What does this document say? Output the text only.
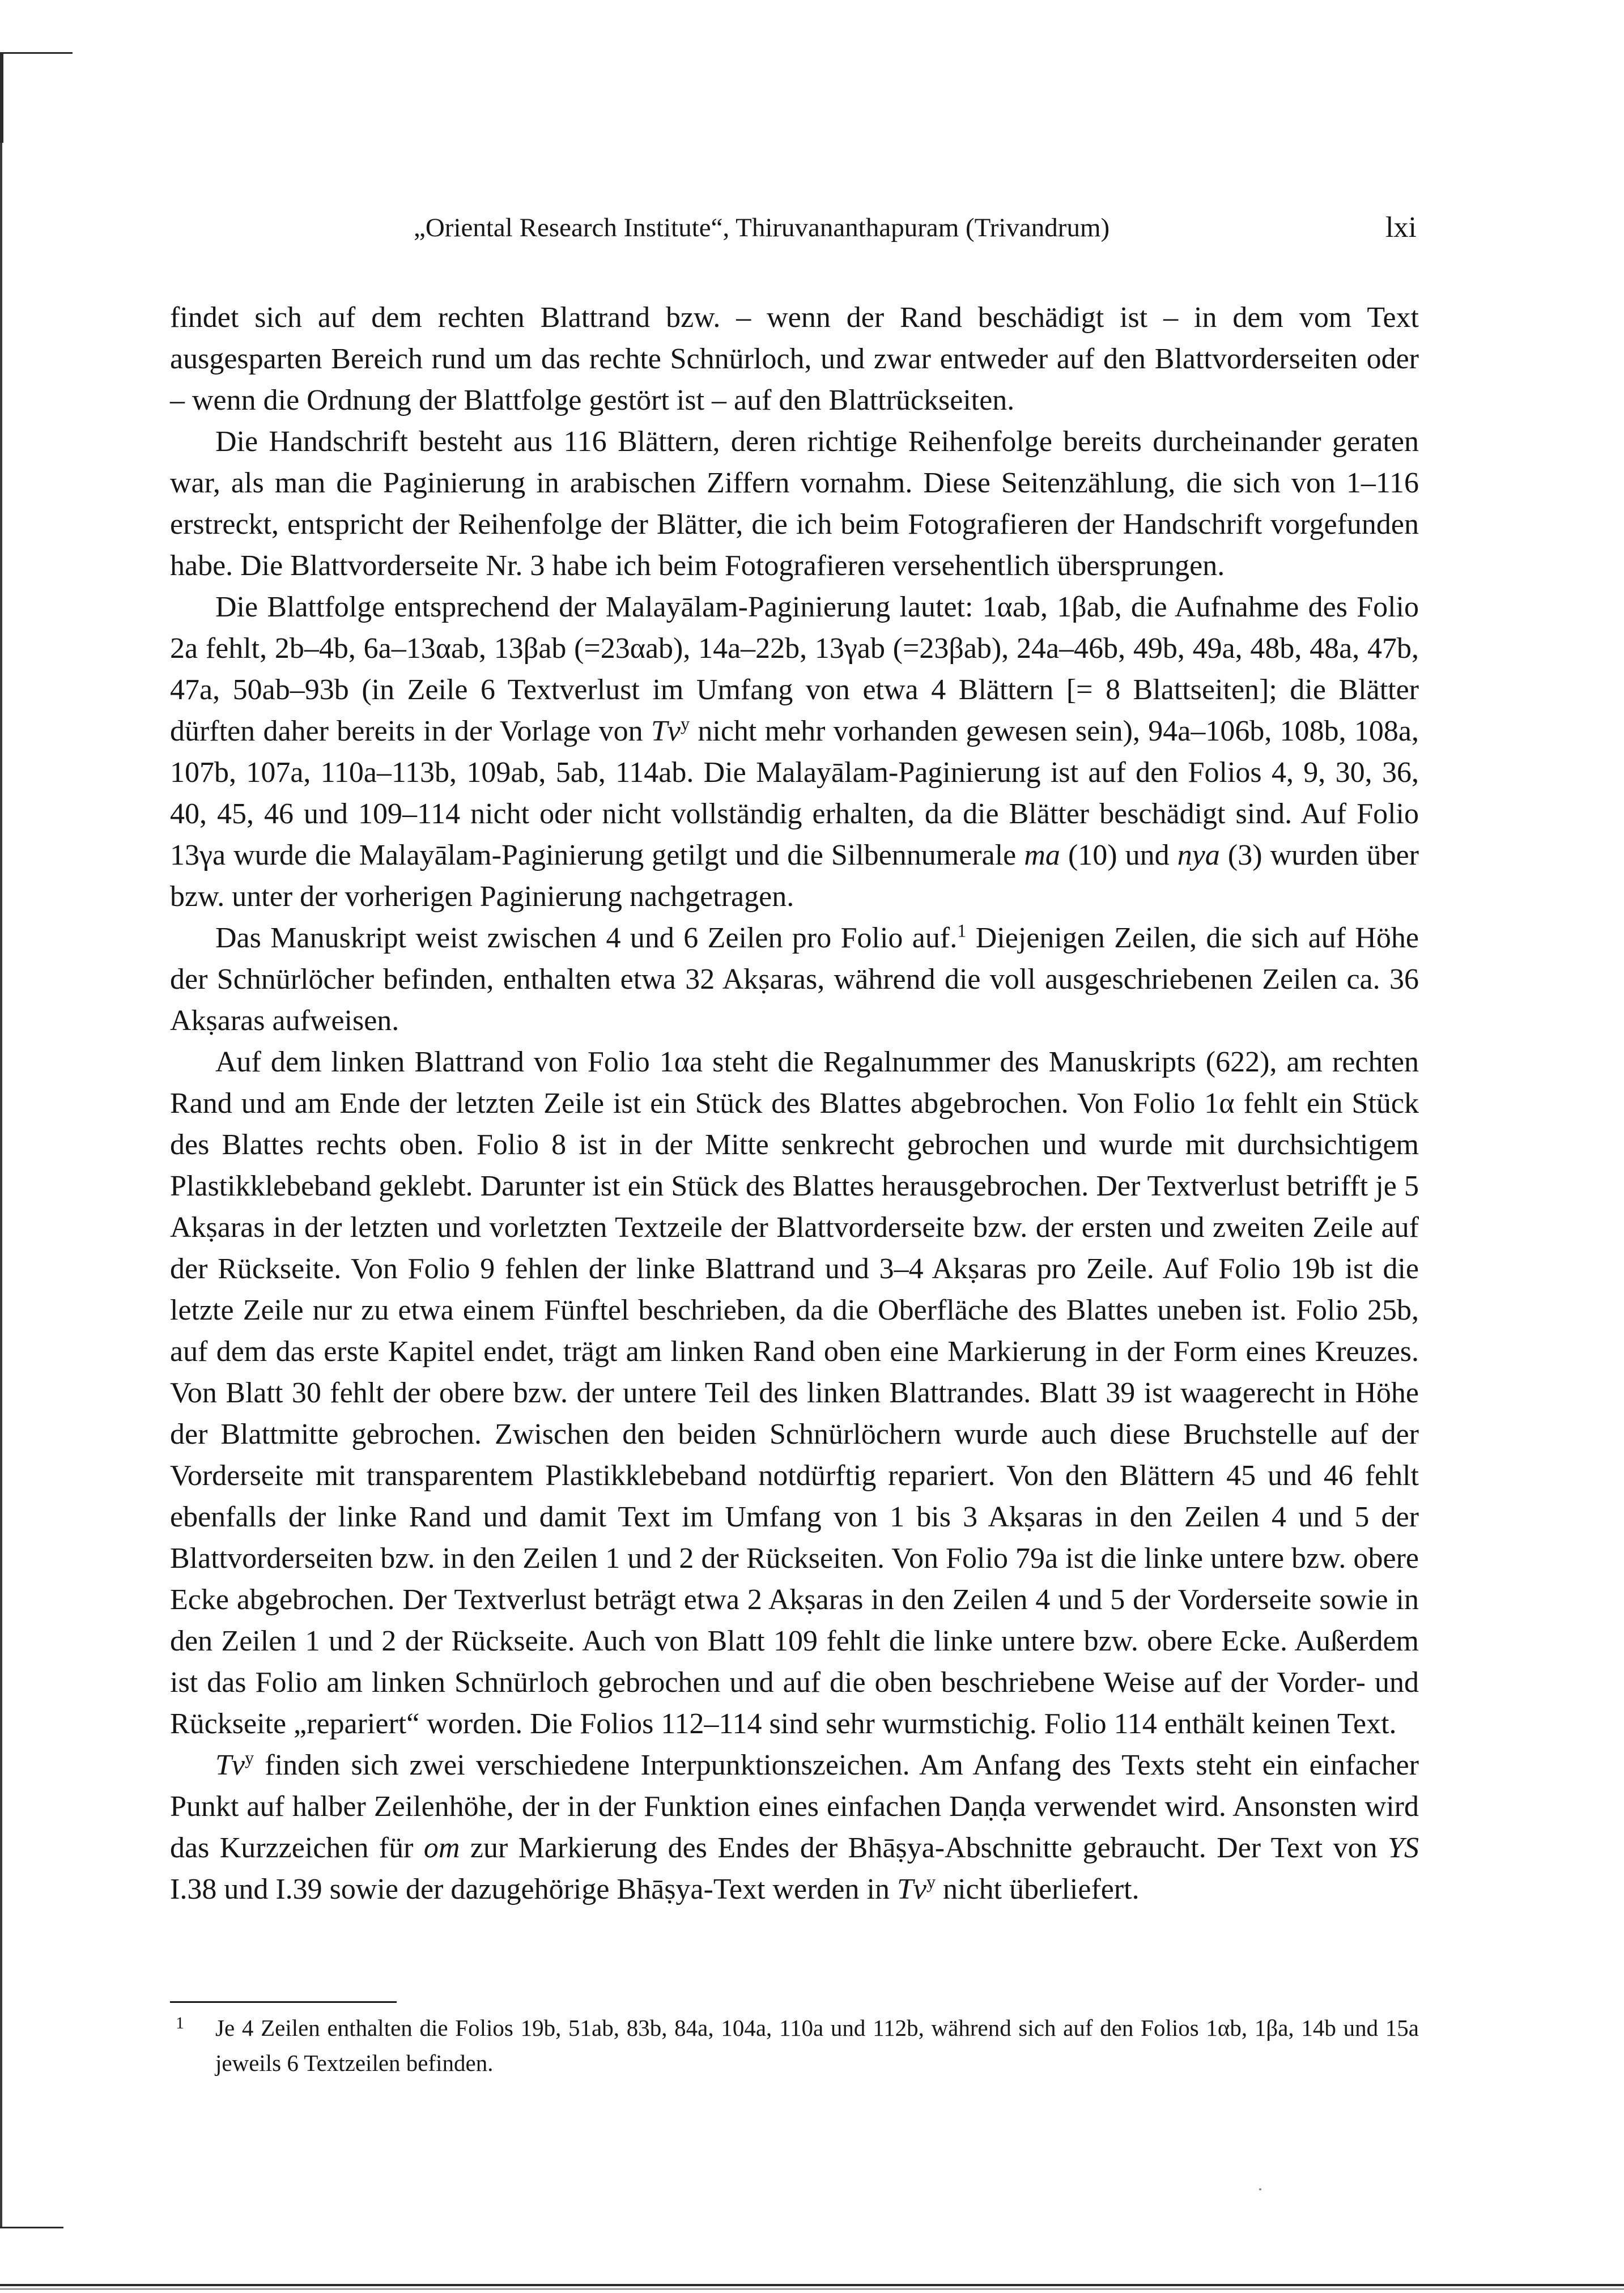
„Oriental Research Institute“, Thiruvananthapuram (Trivandrum)	lxi

findet sich auf dem rechten Blattrand bzw. – wenn der Rand beschädigt ist – in dem vom Text ausgesparten Bereich rund um das rechte Schnürloch, und zwar entweder auf den Blattvorderseiten oder – wenn die Ordnung der Blattfolge gestört ist – auf den Blattrückseiten.

Die Handschrift besteht aus 116 Blättern, deren richtige Reihenfolge bereits durcheinander geraten war, als man die Paginierung in arabischen Ziffern vornahm. Diese Seitenzählung, die sich von 1–116 erstreckt, entspricht der Reihenfolge der Blätter, die ich beim Fotografieren der Handschrift vorgefunden habe. Die Blattvorderseite Nr. 3 habe ich beim Fotografieren versehentlich übersprungen.

Die Blattfolge entsprechend der Malayālam-Paginierung lautet: 1αab, 1βab, die Aufnahme des Folio 2a fehlt, 2b–4b, 6a–13αab, 13βab (=23αab), 14a–22b, 13γab (=23βab), 24a–46b, 49b, 49a, 48b, 48a, 47b, 47a, 50ab–93b (in Zeile 6 Textverlust im Umfang von etwa 4 Blättern [= 8 Blattseiten]; die Blätter dürften daher bereits in der Vorlage von Tv$^y$ nicht mehr vorhanden gewesen sein), 94a–106b, 108b, 108a, 107b, 107a, 110a–113b, 109ab, 5ab, 114ab. Die Malayālam-Paginierung ist auf den Folios 4, 9, 30, 36, 40, 45, 46 und 109–114 nicht oder nicht vollständig erhalten, da die Blätter beschädigt sind. Auf Folio 13γa wurde die Malayālam-Paginierung getilgt und die Silbennumerale ma (10) und nya (3) wurden über bzw. unter der vorherigen Paginierung nachgetragen.

Das Manuskript weist zwischen 4 und 6 Zeilen pro Folio auf.$^1$ Diejenigen Zeilen, die sich auf Höhe der Schnürlöcher befinden, enthalten etwa 32 Akṣaras, während die voll ausgeschriebenen Zeilen ca. 36 Akṣaras aufweisen.

Auf dem linken Blattrand von Folio 1αa steht die Regalnummer des Manuskripts (622), am rechten Rand und am Ende der letzten Zeile ist ein Stück des Blattes abgebrochen. Von Folio 1α fehlt ein Stück des Blattes rechts oben. Folio 8 ist in der Mitte senkrecht gebrochen und wurde mit durchsichtigem Plastikklebeband geklebt. Darunter ist ein Stück des Blattes herausgebrochen. Der Textverlust betrifft je 5 Akṣaras in der letzten und vorletzten Textzeile der Blattvorderseite bzw. der ersten und zweiten Zeile auf der Rückseite. Von Folio 9 fehlen der linke Blattrand und 3–4 Akṣaras pro Zeile. Auf Folio 19b ist die letzte Zeile nur zu etwa einem Fünftel beschrieben, da die Oberfläche des Blattes uneben ist. Folio 25b, auf dem das erste Kapitel endet, trägt am linken Rand oben eine Markierung in der Form eines Kreuzes. Von Blatt 30 fehlt der obere bzw. der untere Teil des linken Blattrandes. Blatt 39 ist waagerecht in Höhe der Blattmitte gebrochen. Zwischen den beiden Schnürlöchern wurde auch diese Bruchstelle auf der Vorderseite mit transparentem Plastikklebeband notdürftig repariert. Von den Blättern 45 und 46 fehlt ebenfalls der linke Rand und damit Text im Umfang von 1 bis 3 Akṣaras in den Zeilen 4 und 5 der Blattvorderseiten bzw. in den Zeilen 1 und 2 der Rückseiten. Von Folio 79a ist die linke untere bzw. obere Ecke abgebrochen. Der Textverlust beträgt etwa 2 Akṣaras in den Zeilen 4 und 5 der Vorderseite sowie in den Zeilen 1 und 2 der Rückseite. Auch von Blatt 109 fehlt die linke untere bzw. obere Ecke. Außerdem ist das Folio am linken Schnürloch gebrochen und auf die oben beschriebene Weise auf der Vorder- und Rückseite „repariert“ worden. Die Folios 112–114 sind sehr wurmstichig. Folio 114 enthält keinen Text.

Tv$^y$ finden sich zwei verschiedene Interpunktionszeichen. Am Anfang des Texts steht ein einfacher Punkt auf halber Zeilenhöhe, der in der Funktion eines einfachen Daṇḍa verwendet wird. Ansonsten wird das Kurzzeichen für om zur Markierung des Endes der Bhāṣya-Abschnitte gebraucht. Der Text von YS I.38 und I.39 sowie der dazugehörige Bhāṣya-Text werden in Tv$^y$ nicht überliefert.

1 Je 4 Zeilen enthalten die Folios 19b, 51ab, 83b, 84a, 104a, 110a und 112b, während sich auf den Folios 1αb, 1βa, 14b und 15a jeweils 6 Textzeilen befinden.
